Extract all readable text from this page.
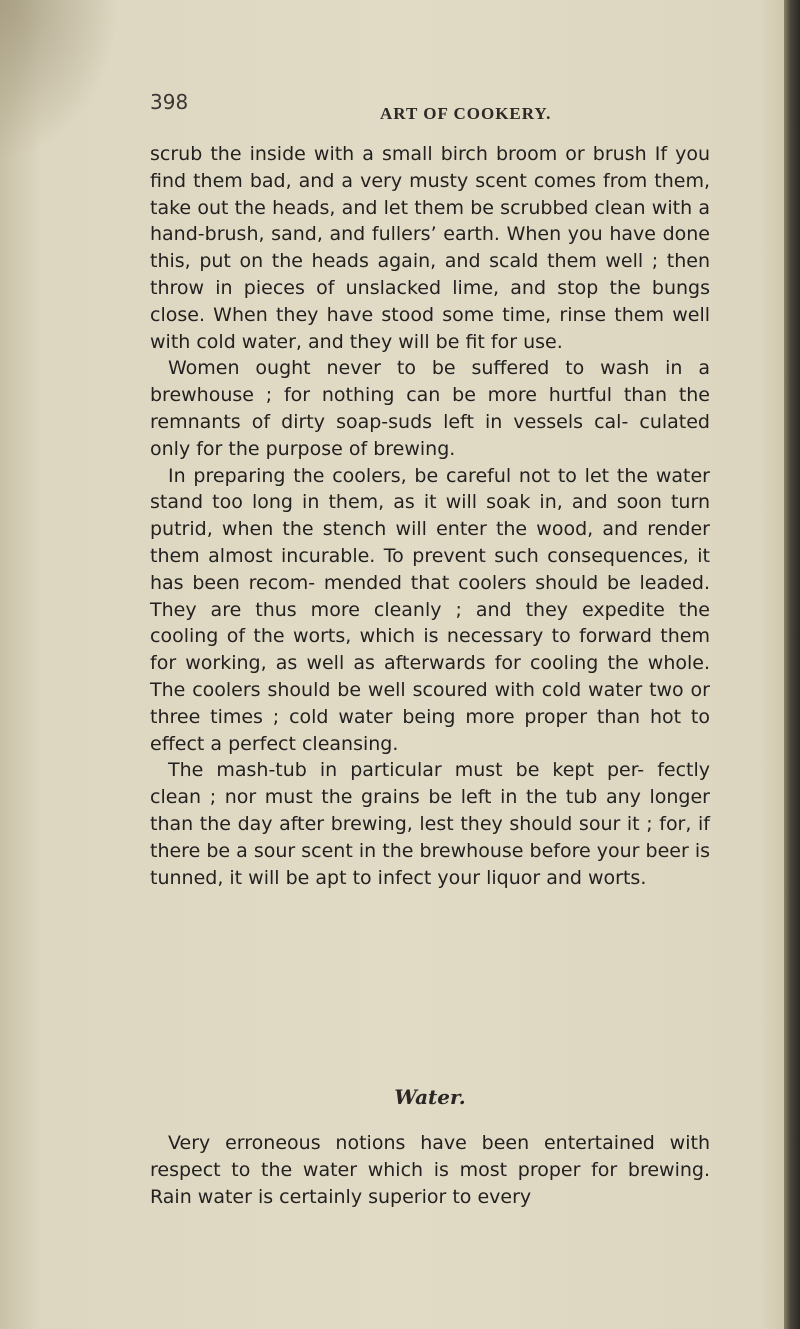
398	ART OF COOKERY.

scrub the inside with a small birch broom or brush If you find them bad, and a very musty scent comes from them, take out the heads, and let them be scrubbed clean with a hand-brush, sand, and fullers’ earth. When you have done this, put on the heads again, and scald them well ; then throw in pieces of unslacked lime, and stop the bungs close. When they have stood some time, rinse them well with cold water, and they will be fit for use.

Women ought never to be suffered to wash in a brewhouse ; for nothing can be more hurtful than the remnants of dirty soap-suds left in vessels cal- culated only for the purpose of brewing.

In preparing the coolers, be careful not to let the water stand too long in them, as it will soak in, and soon turn putrid, when the stench will enter the wood, and render them almost incurable. To prevent such consequences, it has been recom- mended that coolers should be leaded. They are thus more cleanly ; and they expedite the cooling of the worts, which is necessary to forward them for working, as well as afterwards for cooling the whole. The coolers should be well scoured with cold water two or three times ; cold water being more proper than hot to effect a perfect cleansing.

The mash-tub in particular must be kept per- fectly clean ; nor must the grains be left in the tub any longer than the day after brewing, lest they should sour it ; for, if there be a sour scent in the brewhouse before your beer is tunned, it will be apt to infect your liquor and worts.

Water.

Very erroneous notions have been entertained with respect to the water which is most proper for brewing. Rain water is certainly superior to every
